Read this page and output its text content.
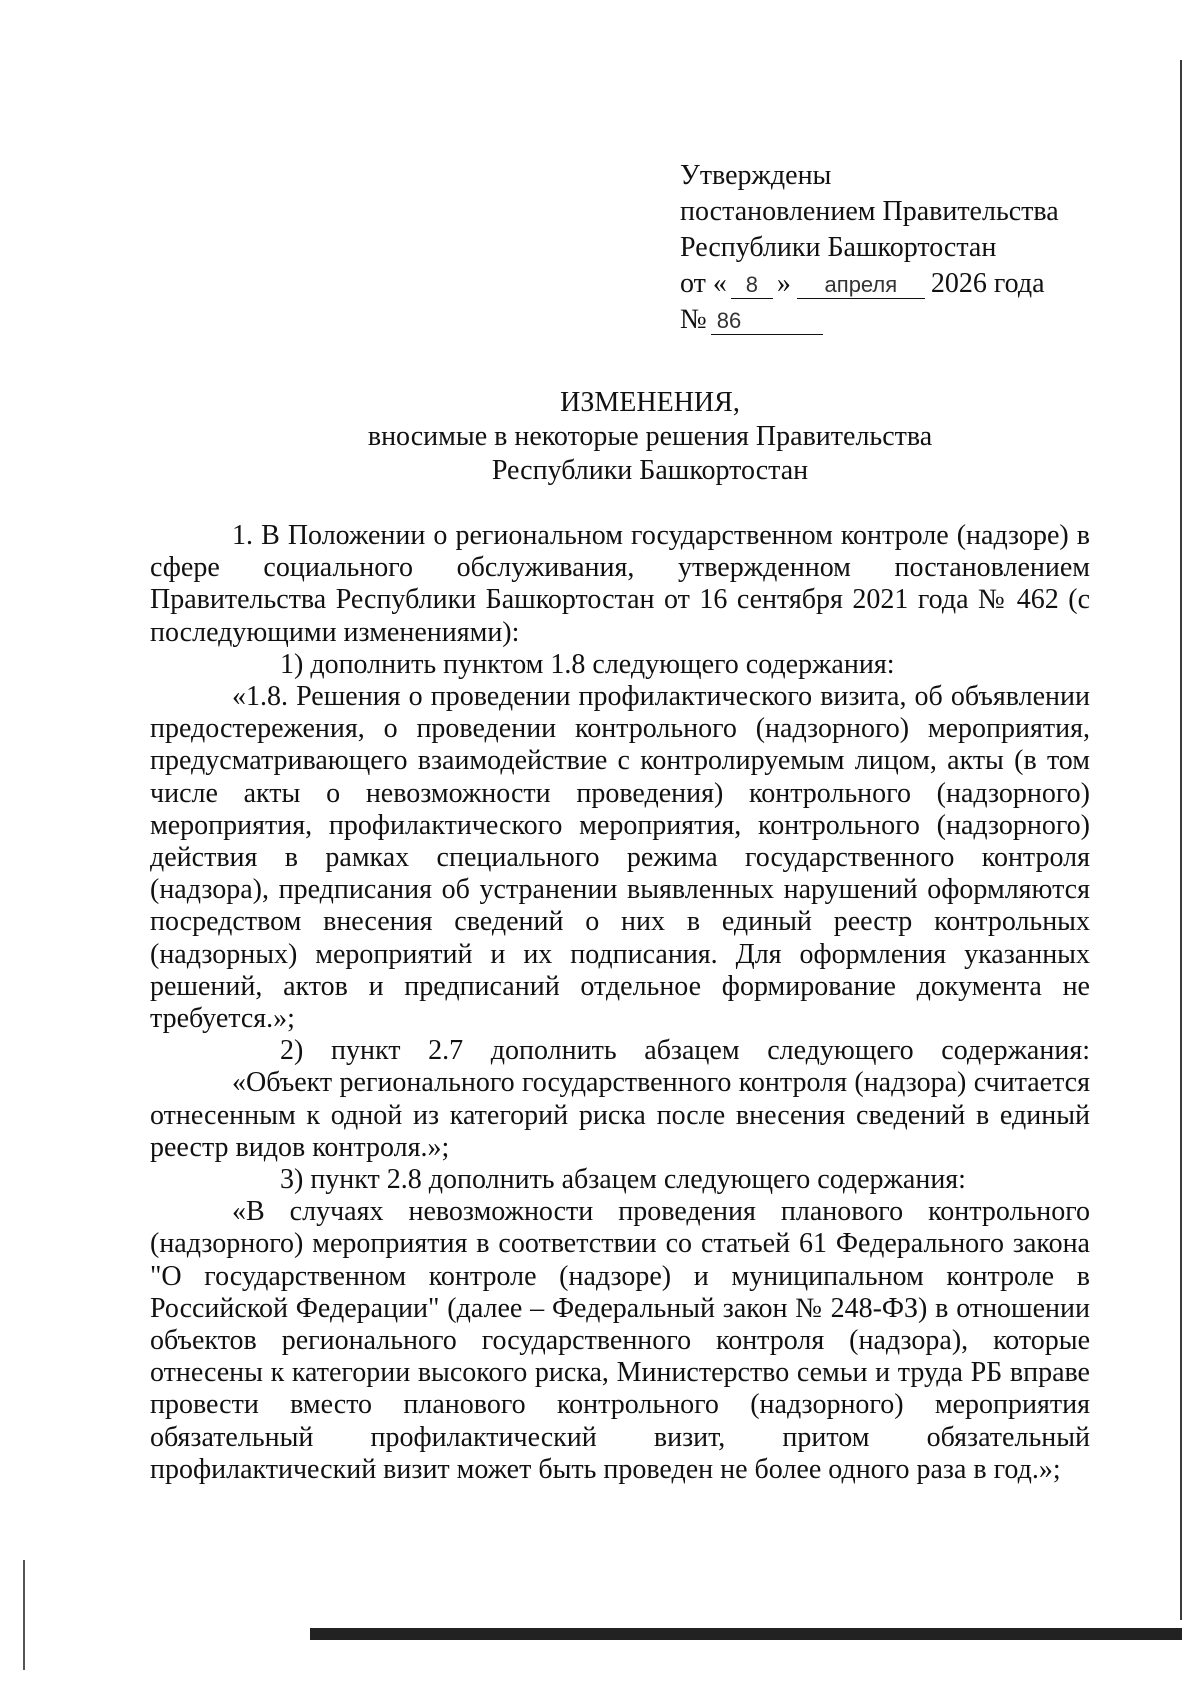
Утверждены
постановлением Правительства
Республики Башкортостан
от « 8 » апреля 2026 года
№ 86
ИЗМЕНЕНИЯ,
вносимые в некоторые решения Правительства
Республики Башкортостан

1. В Положении о региональном государственном контроле (надзоре) в сфере социального обслуживания, утвержденном постановлением Правительства Республики Башкортостан от 16 сентября 2021 года № 462 (с последующими изменениями):

1) дополнить пунктом 1.8 следующего содержания:

«1.8. Решения о проведении профилактического визита, об объявлении предостережения, о проведении контрольного (надзорного) мероприятия, предусматривающего взаимодействие с контролируемым лицом, акты (в том числе акты о невозможности проведения) контрольного (надзорного) мероприятия, профилактического мероприятия, контрольного (надзорного) действия в рамках специального режима государственного контроля (надзора), предписания об устранении выявленных нарушений оформляются посредством внесения сведений о них в единый реестр контрольных (надзорных) мероприятий и их подписания. Для оформления указанных решений, актов и предписаний отдельное формирование документа не требуется.»;

2) пункт 2.7 дополнить абзацем следующего содержания:

«Объект регионального государственного контроля (надзора) считается отнесенным к одной из категорий риска после внесения сведений в единый реестр видов контроля.»;

3) пункт 2.8 дополнить абзацем следующего содержания:

«В случаях невозможности проведения планового контрольного (надзорного) мероприятия в соответствии со статьей 61 Федерального закона "О государственном контроле (надзоре) и муниципальном контроле в Российской Федерации" (далее – Федеральный закон № 248-ФЗ) в отношении объектов регионального государственного контроля (надзора), которые отнесены к категории высокого риска, Министерство семьи и труда РБ вправе провести вместо планового контрольного (надзорного) мероприятия обязательный профилактический визит, притом обязательный профилактический визит может быть проведен не более одного раза в год.»;
